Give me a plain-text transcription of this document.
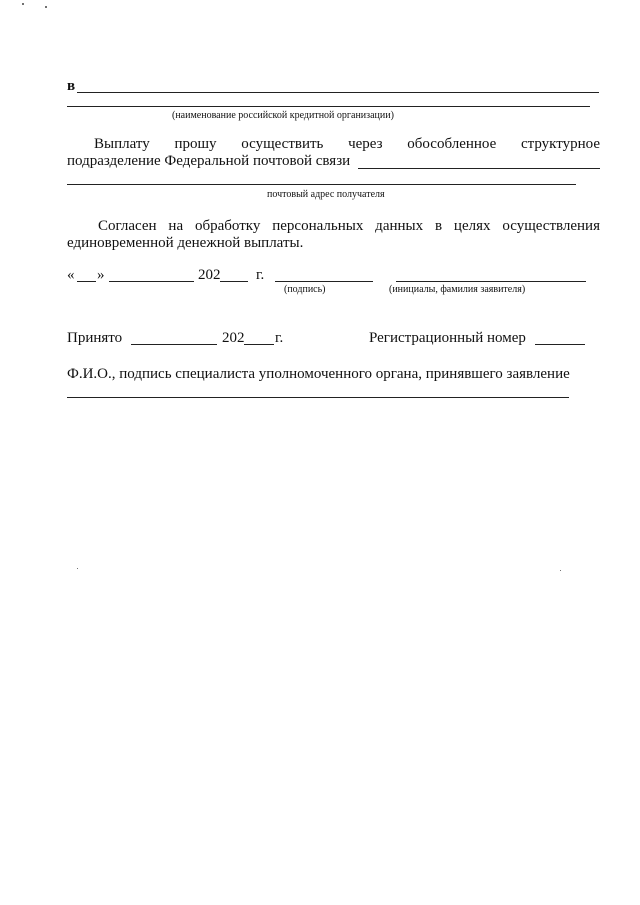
в
(наименование российской кредитной организации)
Выплату прошу осуществить через обособленное структурное
подразделение Федеральной почтовой связи
почтовый адрес получателя
Согласен на обработку персональных данных в целях осуществления
единовременной денежной выплаты.
« »	202 г.
(подпись)	(инициалы, фамилия заявителя)
Принято	202 г.	Регистрационный номер
Ф.И.О., подпись специалиста уполномоченного органа, принявшего заявление
